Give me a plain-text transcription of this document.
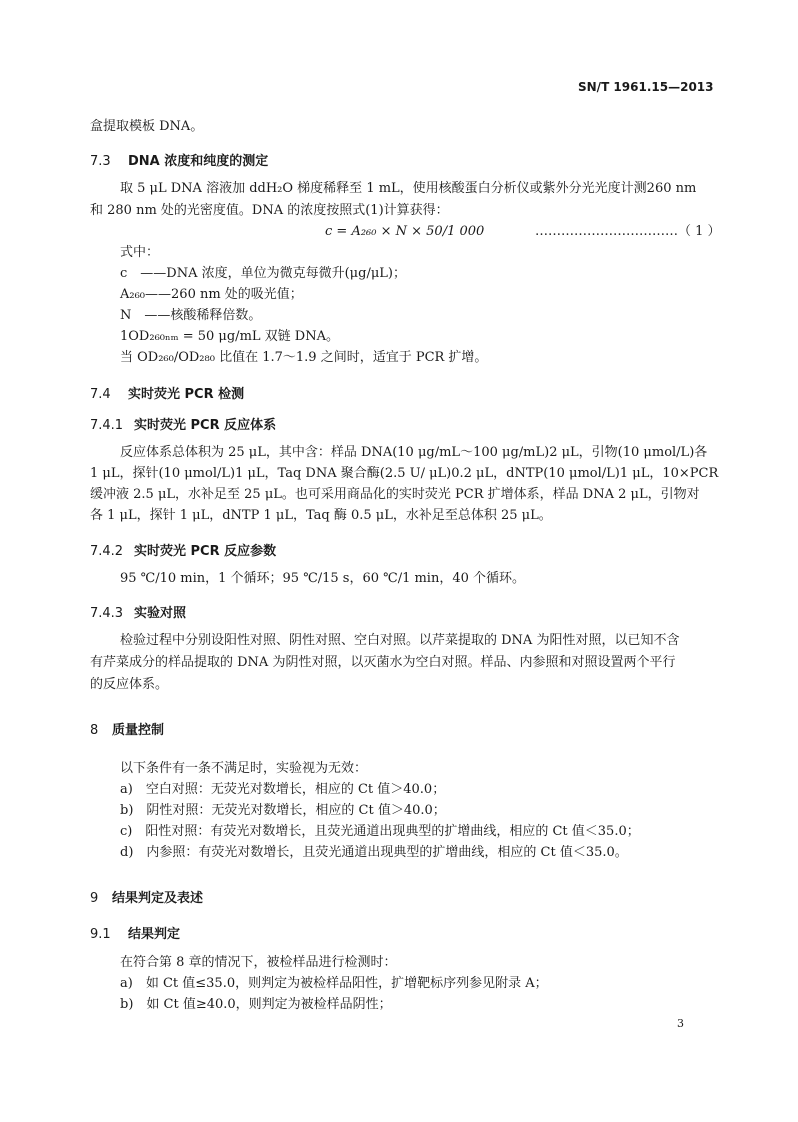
SN/T 1961.15—2013
盒提取模板 DNA。
7.3 DNA 浓度和纯度的测定
取 5 μL DNA 溶液加 ddH₂O 梯度稀释至 1 mL，使用核酸蛋白分析仪或紫外分光光度计测260 nm
和 280 nm 处的光密度值。DNA 的浓度按照式(1)计算获得：
c = A₂₆₀ × N × 50/1 000	……………………………（ 1 ）
式中：
c　——DNA 浓度，单位为微克每微升(μg/μL)；
A₂₆₀——260 nm 处的吸光值；
N　——核酸稀释倍数。
1OD₂₆₀ₙₘ = 50 μg/mL 双链 DNA。
当 OD₂₆₀/OD₂₈₀ 比值在 1.7～1.9 之间时，适宜于 PCR 扩增。
7.4 实时荧光 PCR 检测
7.4.1 实时荧光 PCR 反应体系
反应体系总体积为 25 μL，其中含：样品 DNA(10 μg/mL～100 μg/mL)2 μL，引物(10 μmol/L)各
1 μL，探针(10 μmol/L)1 μL，Taq DNA 聚合酶(2.5 U/ μL)0.2 μL，dNTP(10 μmol/L)1 μL，10×PCR
缓冲液 2.5 μL，水补足至 25 μL。也可采用商品化的实时荧光 PCR 扩增体系，样品 DNA 2 μL，引物对
各 1 μL，探针 1 μL，dNTP 1 μL，Taq 酶 0.5 μL，水补足至总体积 25 μL。
7.4.2 实时荧光 PCR 反应参数
95 ℃/10 min，1 个循环；95 ℃/15 s，60 ℃/1 min，40 个循环。
7.4.3 实验对照
检验过程中分别设阳性对照、阴性对照、空白对照。以芹菜提取的 DNA 为阳性对照，以已知不含
有芹菜成分的样品提取的 DNA 为阴性对照，以灭菌水为空白对照。样品、内参照和对照设置两个平行
的反应体系。
8 质量控制
以下条件有一条不满足时，实验视为无效：
a)　空白对照：无荧光对数增长，相应的 Ct 值＞40.0；
b)　阴性对照：无荧光对数增长，相应的 Ct 值＞40.0；
c)　阳性对照：有荧光对数增长，且荧光通道出现典型的扩增曲线，相应的 Ct 值＜35.0；
d)　内参照：有荧光对数增长，且荧光通道出现典型的扩增曲线，相应的 Ct 值＜35.0。
9 结果判定及表述
9.1 结果判定
在符合第 8 章的情况下，被检样品进行检测时：
a)　如 Ct 值≤35.0，则判定为被检样品阳性，扩增靶标序列参见附录 A；
b)　如 Ct 值≥40.0，则判定为被检样品阴性；
3
